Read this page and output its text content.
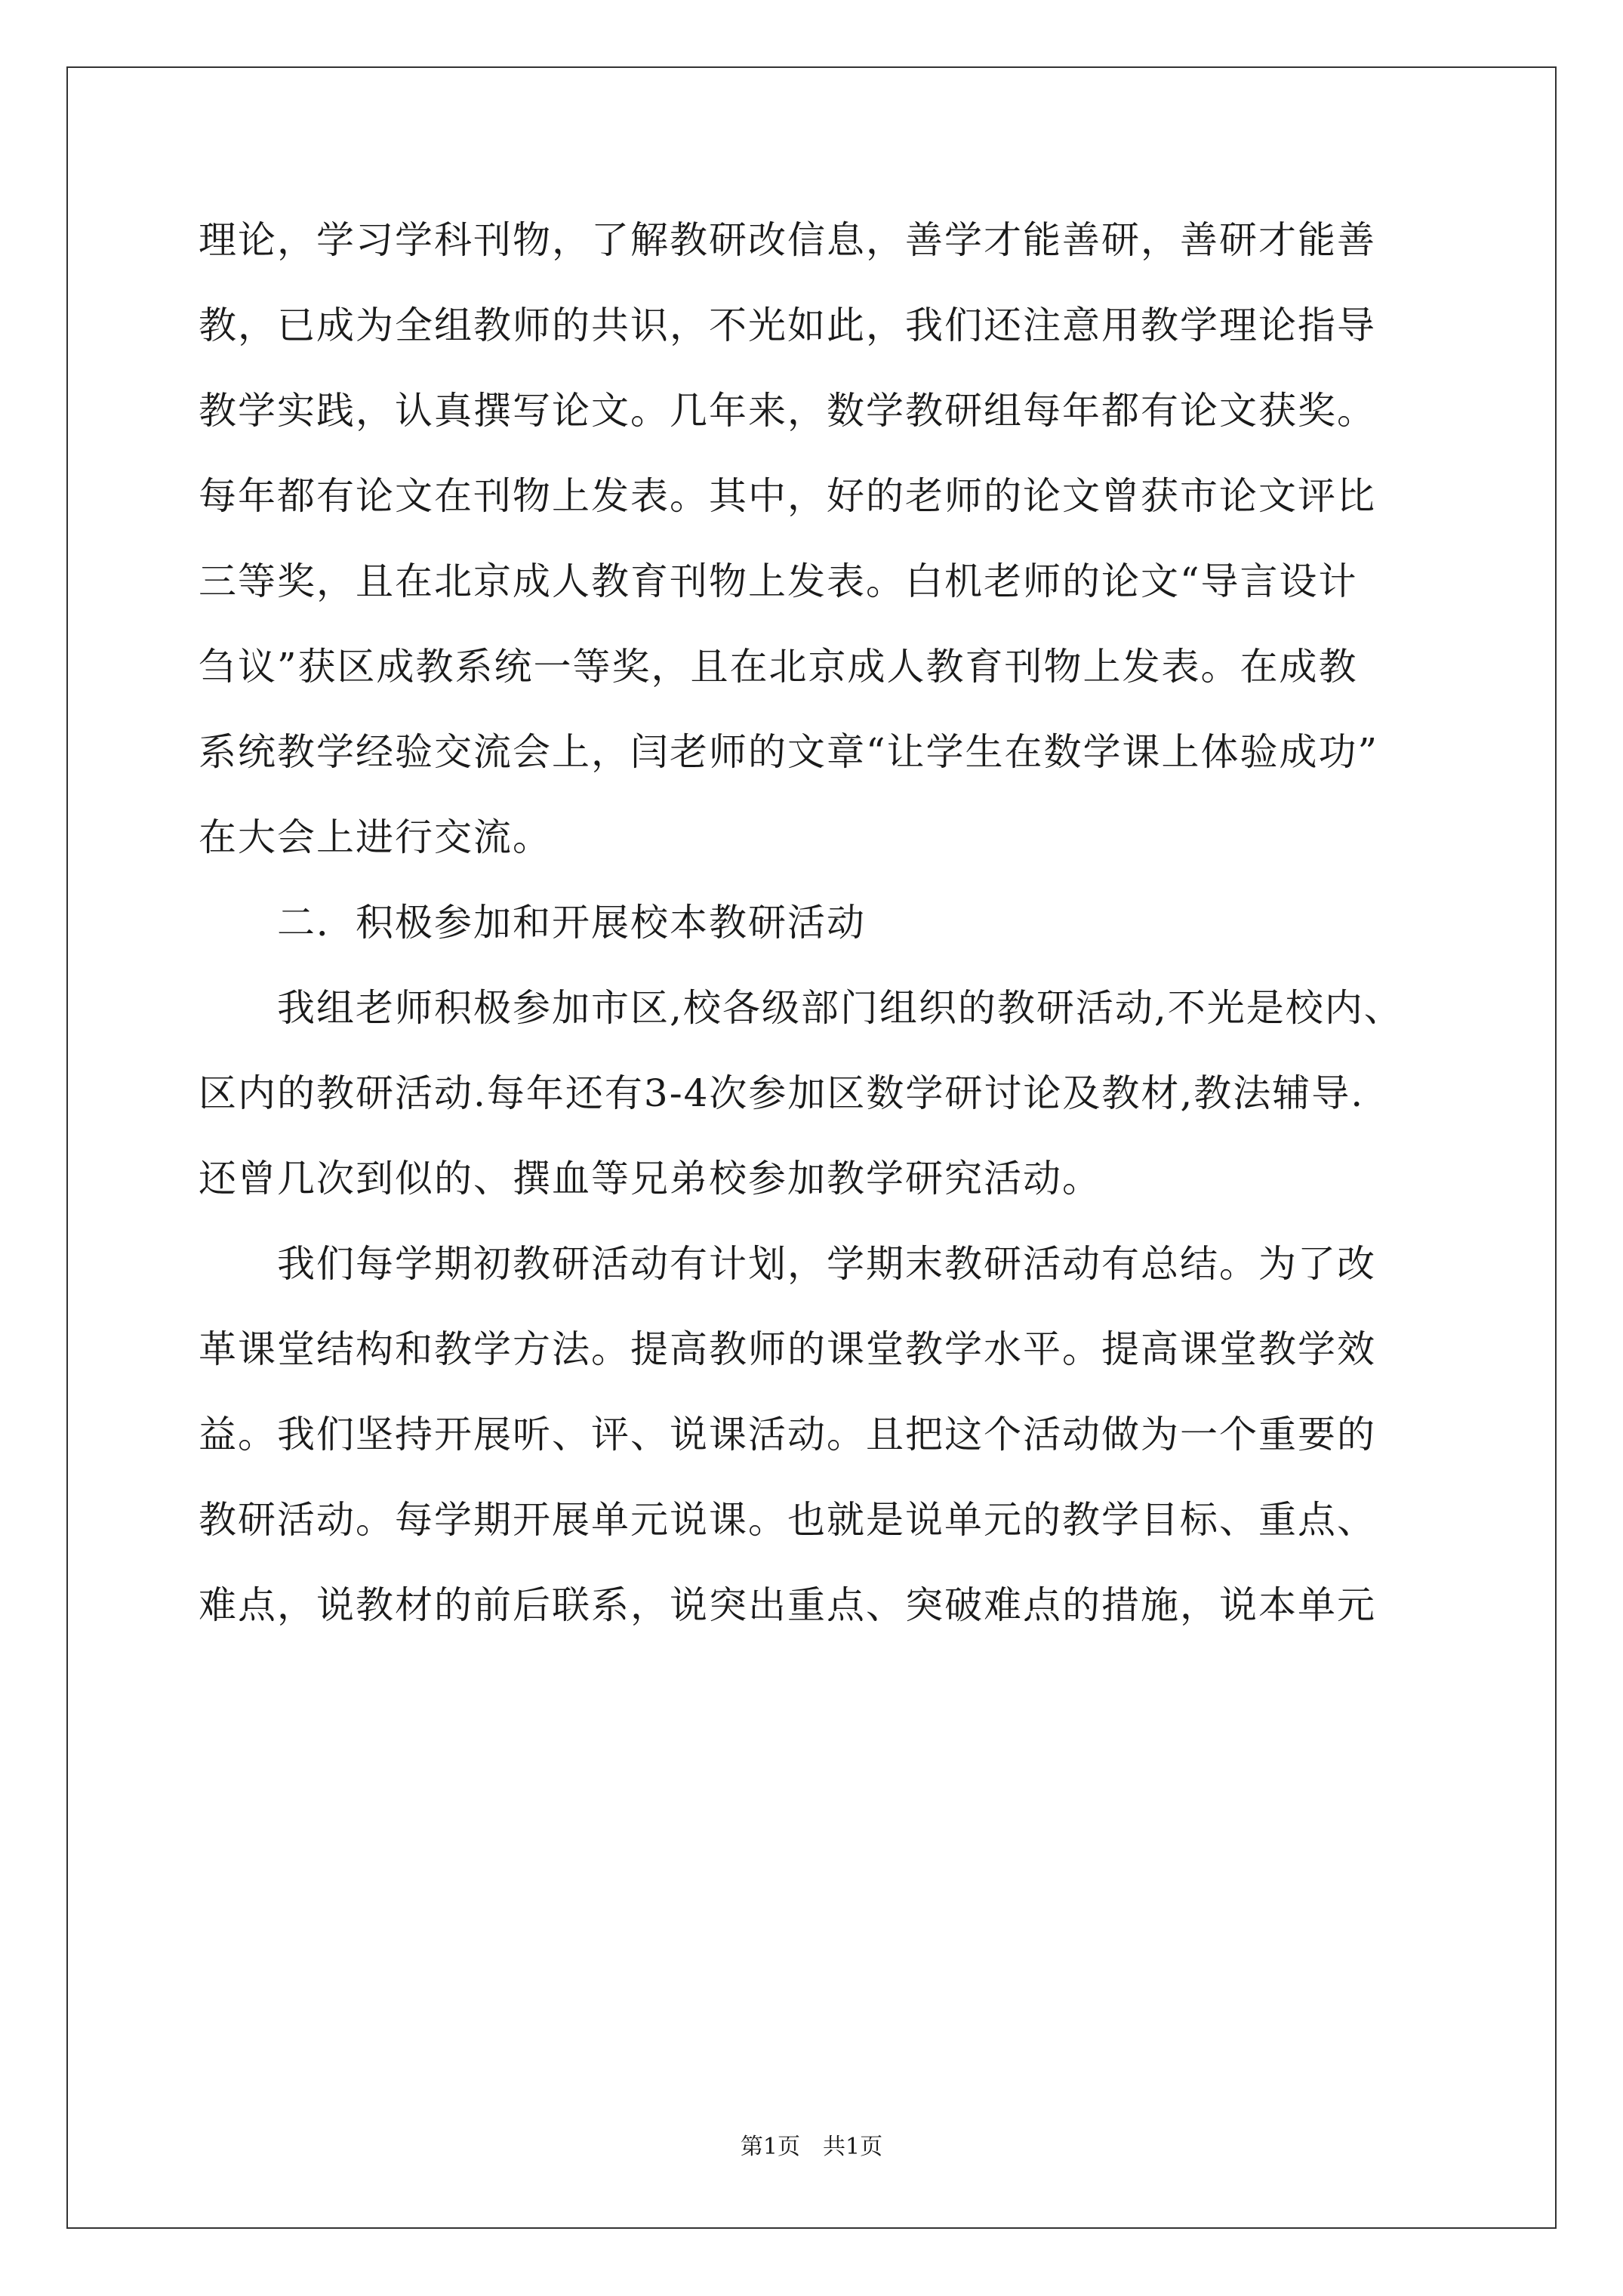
理论，学习学科刊物，了解教研改信息，善学才能善研，善研才能善
教，已成为全组教师的共识，不光如此，我们还注意用教学理论指导
教学实践，认真撰写论文。几年来，数学教研组每年都有论文获奖。
每年都有论文在刊物上发表。其中，好的老师的论文曾获市论文评比
三等奖，且在北京成人教育刊物上发表。白机老师的论文“导言设计
刍议”获区成教系统一等奖，且在北京成人教育刊物上发表。在成教
系统教学经验交流会上，闫老师的文章“让学生在数学课上体验成功”
在大会上进行交流。
　　二．积极参加和开展校本教研活动
　　我组老师积极参加市区,校各级部门组织的教研活动,不光是校内、
区内的教研活动.每年还有3-4次参加区数学研讨论及教材,教法辅导.
还曾几次到似的、撰血等兄弟校参加教学研究活动。
　　我们每学期初教研活动有计划，学期末教研活动有总结。为了改
革课堂结构和教学方法。提高教师的课堂教学水平。提高课堂教学效
益。我们坚持开展听、评、说课活动。且把这个活动做为一个重要的
教研活动。每学期开展单元说课。也就是说单元的教学目标、重点、
难点，说教材的前后联系，说突出重点、突破难点的措施，说本单元
第1页　共1页
